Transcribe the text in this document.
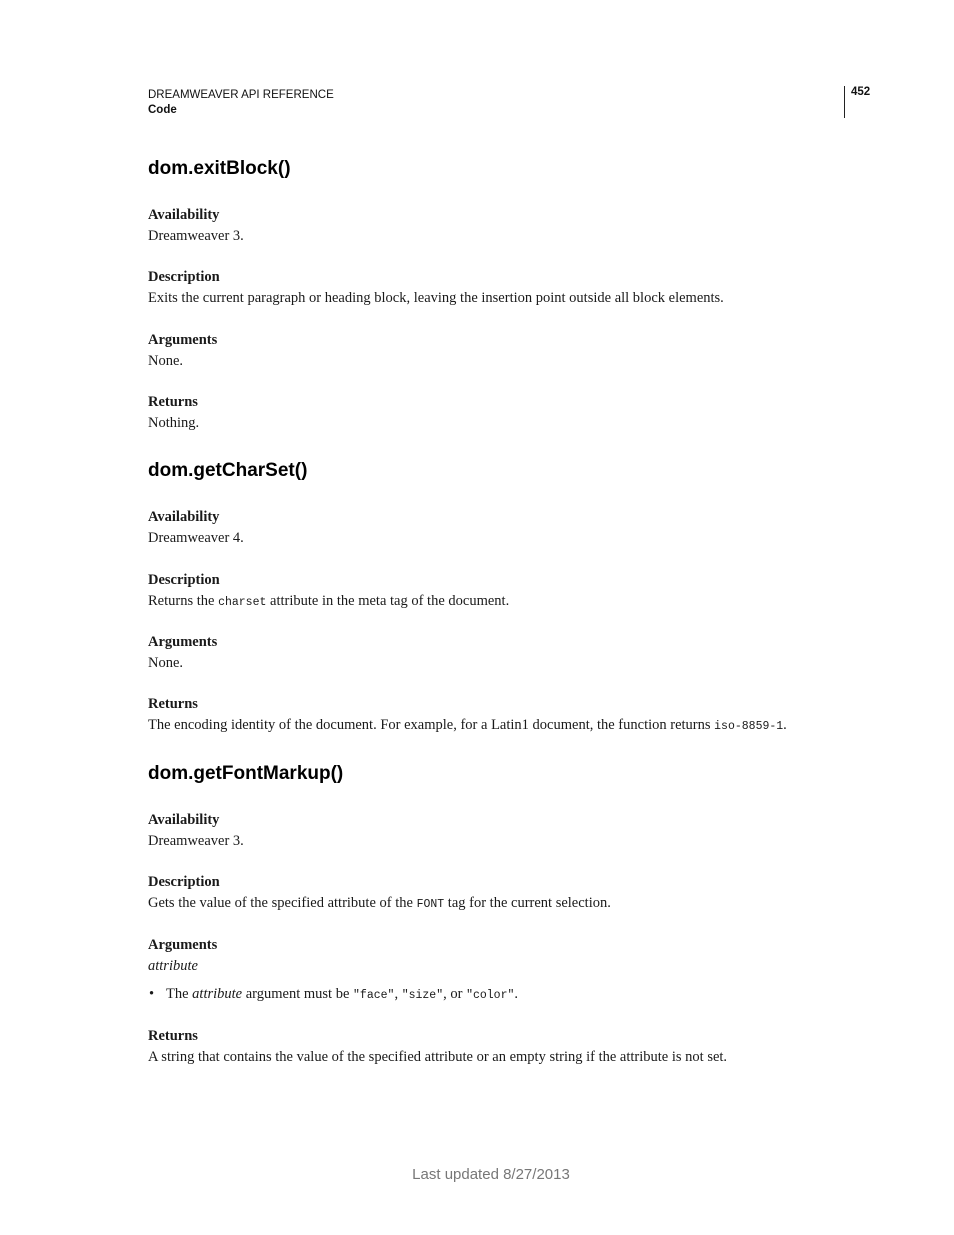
DREAMWEAVER API REFERENCE
Code
452
dom.exitBlock()

Availability

Dreamweaver 3.

Description

Exits the current paragraph or heading block, leaving the insertion point outside all block elements.

Arguments

None.

Returns

Nothing.

dom.getCharSet()

Availability

Dreamweaver 4.

Description

Returns the charset attribute in the meta tag of the document.

Arguments

None.

Returns

The encoding identity of the document. For example, for a Latin1 document, the function returns iso-8859-1.

dom.getFontMarkup()

Availability

Dreamweaver 3.

Description

Gets the value of the specified attribute of the FONT tag for the current selection.

Arguments

attribute

• The attribute argument must be "face", "size", or "color".

Returns

A string that contains the value of the specified attribute or an empty string if the attribute is not set.

Last updated 8/27/2013
